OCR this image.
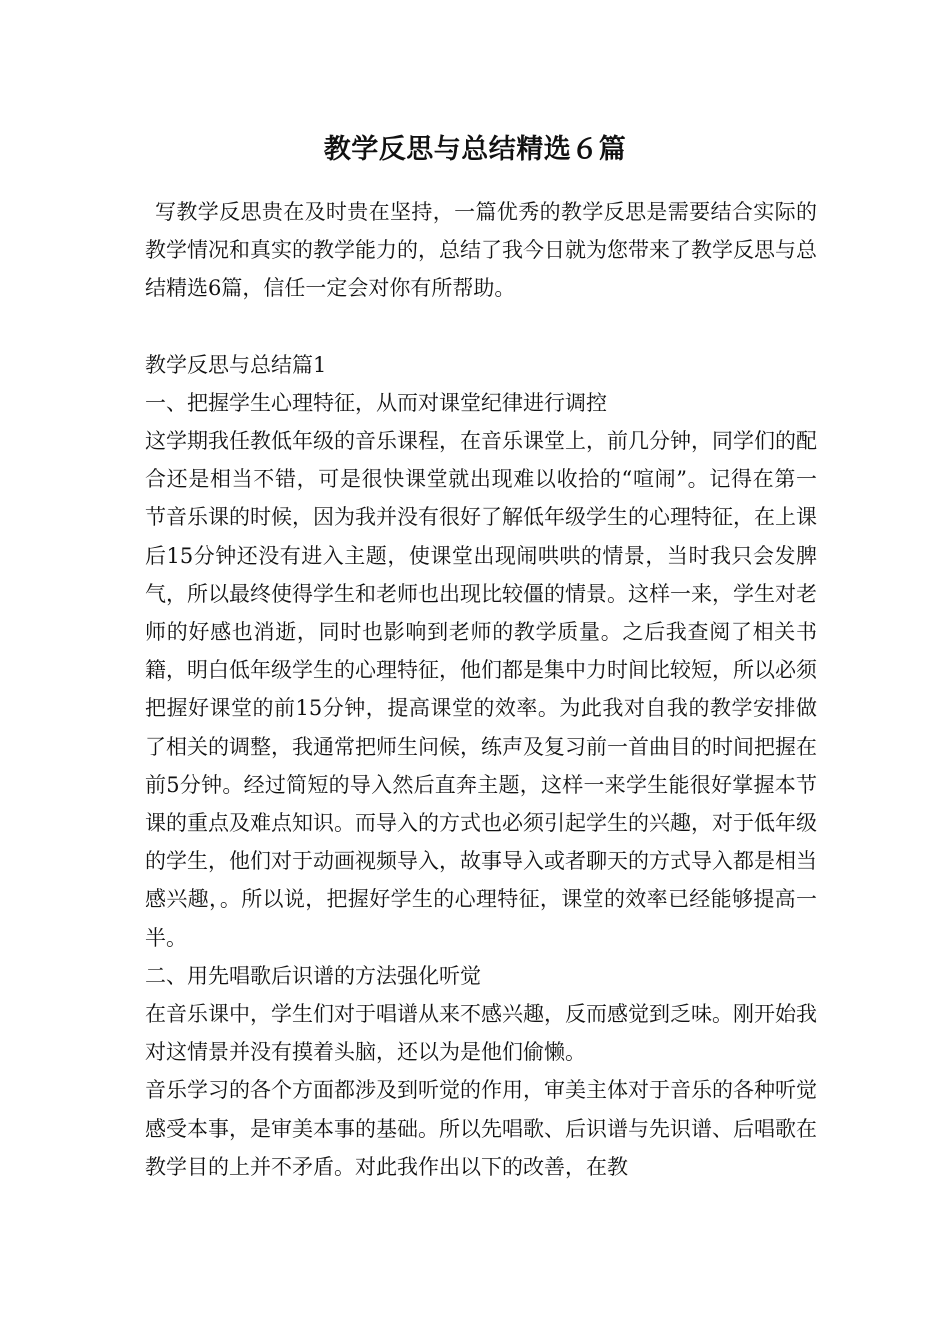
教学反思与总结精选６篇

写教学反思贵在及时贵在坚持，一篇优秀的教学反思是需要结合实际的教学情况和真实的教学能力的，总结了我今日就为您带来了教学反思与总结精选6篇，信任一定会对你有所帮助。

教学反思与总结篇1

一、把握学生心理特征，从而对课堂纪律进行调控

这学期我任教低年级的音乐课程，在音乐课堂上，前几分钟，同学们的配合还是相当不错，可是很快课堂就出现难以收拾的“喧闹”。记得在第一节音乐课的时候，因为我并没有很好了解低年级学生的心理特征，在上课后15分钟还没有进入主题，使课堂出现闹哄哄的情景，当时我只会发脾气，所以最终使得学生和老师也出现比较僵的情景。这样一来，学生对老师的好感也消逝，同时也影响到老师的教学质量。之后我查阅了相关书籍，明白低年级学生的心理特征，他们都是集中力时间比较短，所以必须把握好课堂的前15分钟，提高课堂的效率。为此我对自我的教学安排做了相关的调整，我通常把师生问候，练声及复习前一首曲目的时间把握在前5分钟。经过简短的导入然后直奔主题，这样一来学生能很好掌握本节课的重点及难点知识。而导入的方式也必须引起学生的兴趣，对于低年级的学生，他们对于动画视频导入，故事导入或者聊天的方式导入都是相当感兴趣，。所以说，把握好学生的心理特征，课堂的效率已经能够提高一半。

二、用先唱歌后识谱的方法强化听觉

在音乐课中，学生们对于唱谱从来不感兴趣，反而感觉到乏味。刚开始我对这情景并没有摸着头脑，还以为是他们偷懒。

音乐学习的各个方面都涉及到听觉的作用，审美主体对于音乐的各种听觉感受本事，是审美本事的基础。所以先唱歌、后识谱与先识谱、后唱歌在教学目的上并不矛盾。对此我作出以下的改善，在教
